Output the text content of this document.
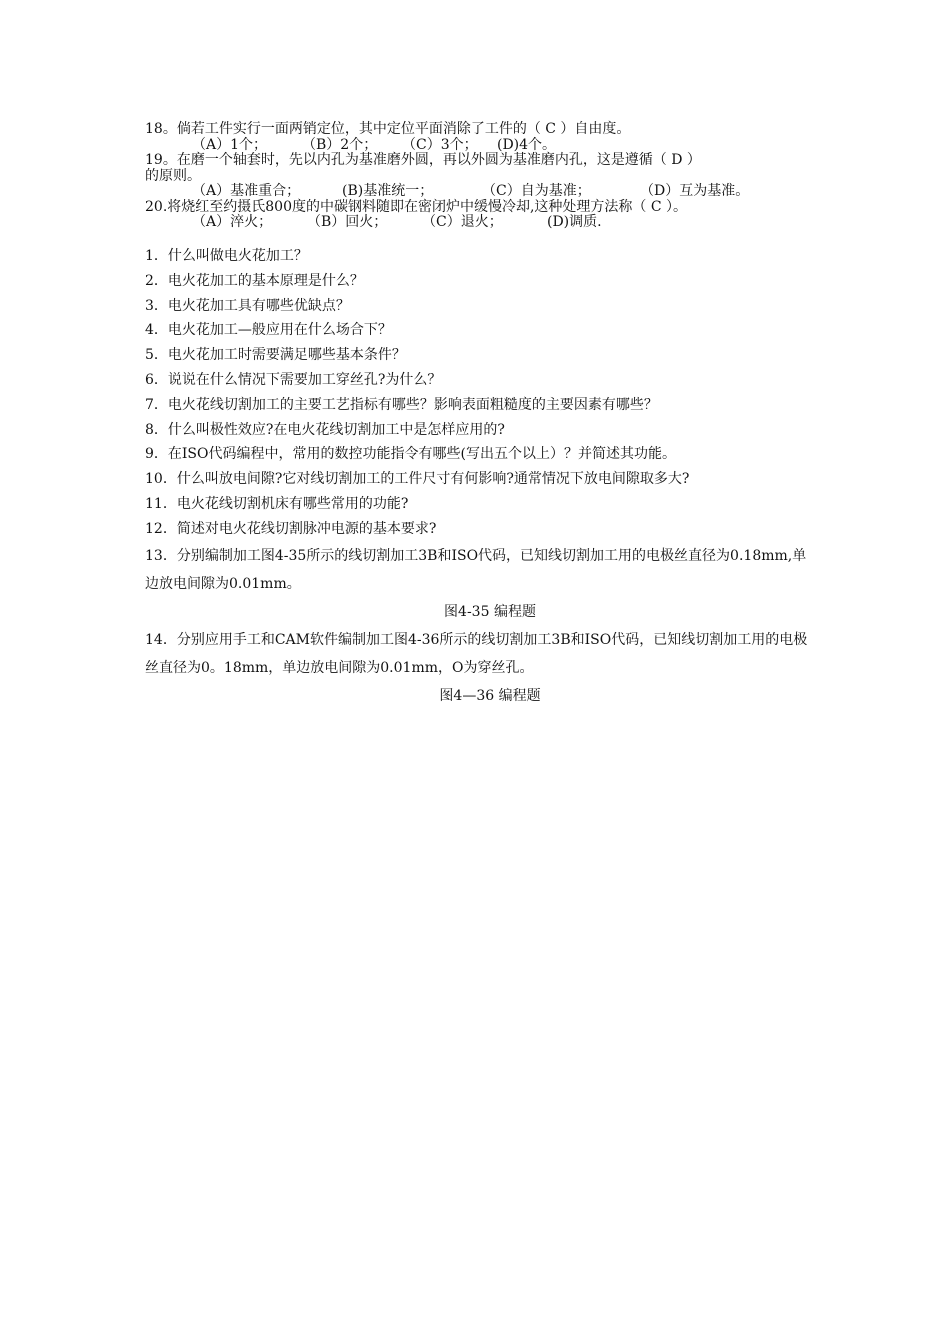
18。倘若工件实行一面两销定位，其中定位平面消除了工件的（ C ）自由度。
（A）1个； （B）2个； （C）3个； (D)4个。
19。在磨一个轴套时，先以内孔为基准磨外圆，再以外圆为基准磨内孔，这是遵循（ D ）
的原则。
（A）基准重合；	(B)基准统一；	（C）自为基准；	（D）互为基准。
20.将烧红至约摄氏800度的中碳钢料随即在密闭炉中缓慢冷却,这种处理方法称（ C ）。
（A）淬火； （B）回火； （C）退火；	(D)调质.
1．什么叫做电火花加工？
2．电火花加工的基本原理是什么？
3．电火花加工具有哪些优缺点？
4．电火花加工—般应用在什么场合下？
5．电火花加工时需要满足哪些基本条件？
6．说说在什么情况下需要加工穿丝孔?为什么？
7．电火花线切割加工的主要工艺指标有哪些？影响表面粗糙度的主要因素有哪些？
8．什么叫极性效应?在电火花线切割加工中是怎样应用的?
9．在ISO代码编程中，常用的数控功能指令有哪些(写出五个以上）？并简述其功能。
10．什么叫放电间隙?它对线切割加工的工件尺寸有何影响?通常情况下放电间隙取多大?
11．电火花线切割机床有哪些常用的功能?
12．简述对电火花线切割脉冲电源的基本要求?
13．分别编制加工图4-35所示的线切割加工3B和ISO代码，已知线切割加工用的电极丝直径为0.18mm,单边放电间隙为0.01mm。
图4-35 编程题
14．分别应用手工和CAM软件编制加工图4-36所示的线切割加工3B和ISO代码，已知线切割加工用的电极丝直径为0。18mm，单边放电间隙为0.01mm，O为穿丝孔。
图4—36 编程题
